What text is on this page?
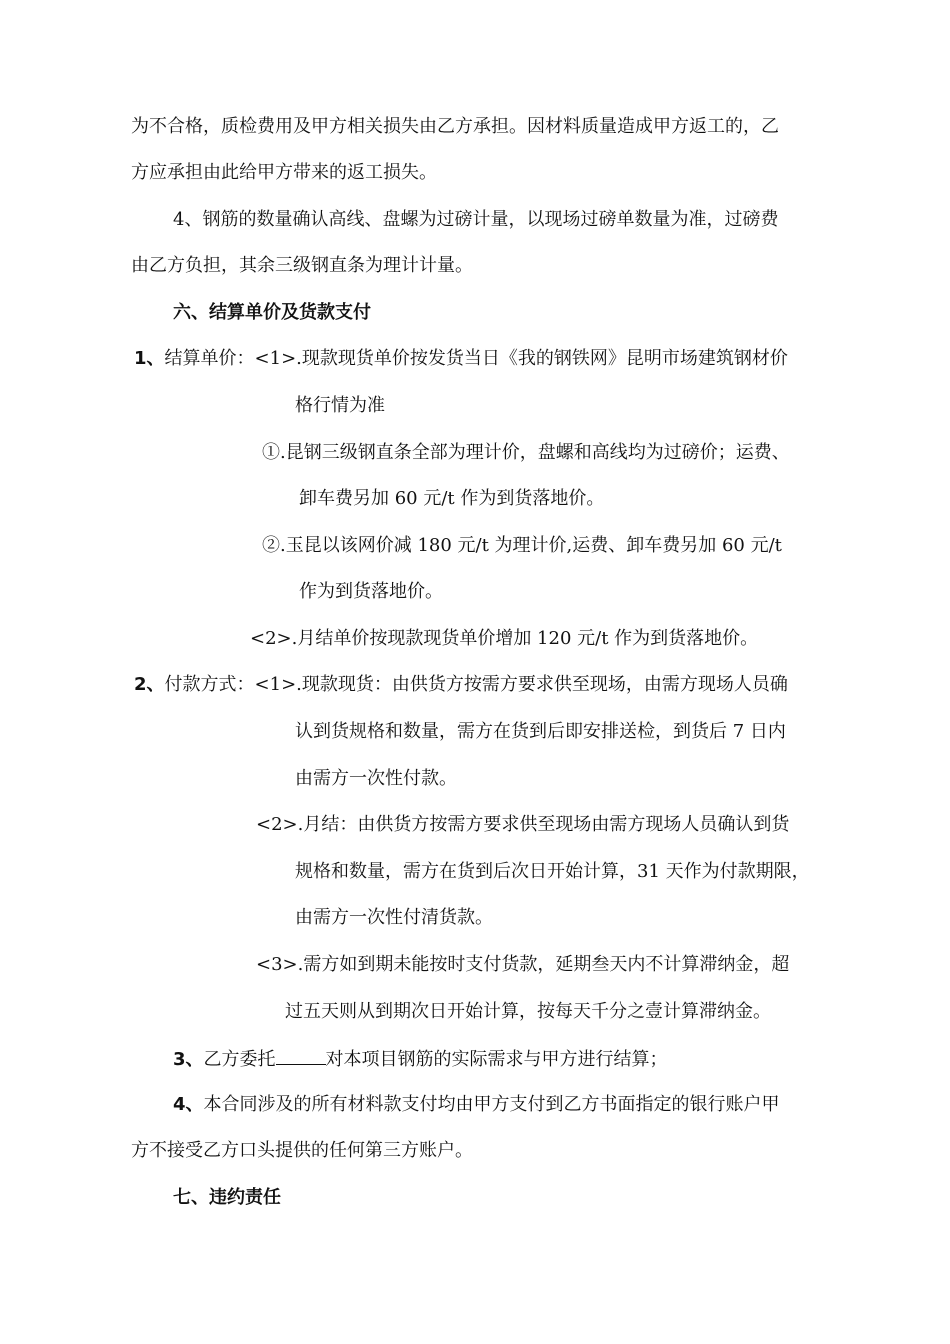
为不合格，质检费用及甲方相关损失由乙方承担。因材料质量造成甲方返工的，乙
方应承担由此给甲方带来的返工损失。
4、钢筋的数量确认高线、盘螺为过磅计量，以现场过磅单数量为准，过磅费
由乙方负担，其余三级钢直条为理计计量。
六、结算单价及货款支付
1、结算单价：<1>.现款现货单价按发货当日《我的钢铁网》昆明市场建筑钢材价
格行情为准
①.昆钢三级钢直条全部为理计价，盘螺和高线均为过磅价；运费、
卸车费另加 60 元/t 作为到货落地价。
②.玉昆以该网价减 180 元/t 为理计价,运费、卸车费另加 60 元/t
作为到货落地价。
<2>.月结单价按现款现货单价增加 120 元/t 作为到货落地价。
2、付款方式：<1>.现款现货：由供货方按需方要求供至现场，由需方现场人员确
认到货规格和数量，需方在货到后即安排送检，到货后 7 日内
由需方一次性付款。
<2>.月结：由供货方按需方要求供至现场由需方现场人员确认到货
规格和数量，需方在货到后次日开始计算，31 天作为付款期限，
由需方一次性付清货款。
<3>.需方如到期未能按时支付货款，延期叁天内不计算滞纳金，超
过五天则从到期次日开始计算，按每天千分之壹计算滞纳金。
3、乙方委托	对本项目钢筋的实际需求与甲方进行结算；
4、本合同涉及的所有材料款支付均由甲方支付到乙方书面指定的银行账户甲
方不接受乙方口头提供的任何第三方账户。
七、违约责任
